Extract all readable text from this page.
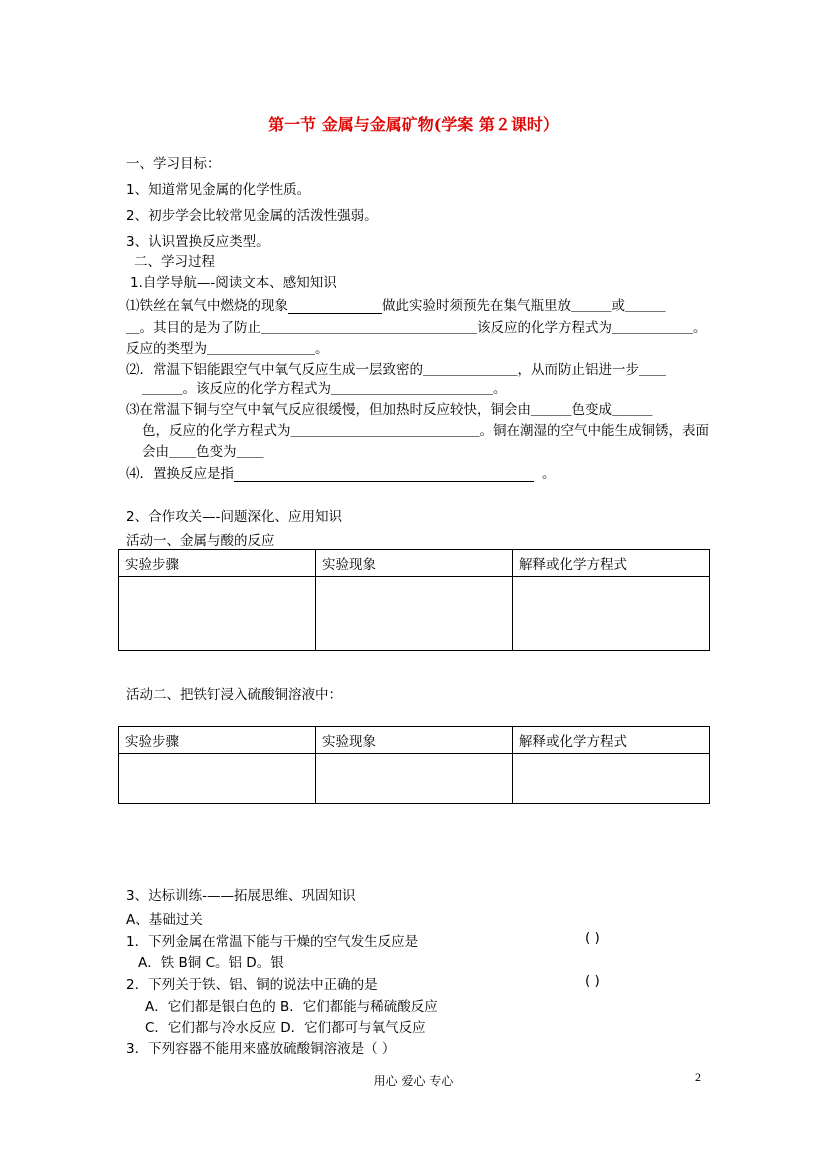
第一节 金属与金属矿物(学案 第２课时）
一、学习目标：
1、知道常见金属的化学性质。
2、初步学会比较常见金属的活泼性强弱。
3、认识置换反应类型。
二、学习过程
1.自学导航—-阅读文本、感知知识
⑴铁丝在氧气中燃烧的现象	做此实验时须预先在集气瓶里放＿＿＿或＿＿＿
＿。其目的是为了防止＿＿＿＿＿＿＿＿＿＿＿＿＿＿＿＿该反应的化学方程式为＿＿＿＿＿＿。
反应的类型为＿＿＿＿＿＿＿＿。
⑵．常温下铝能跟空气中氧气反应生成一层致密的＿＿＿＿＿＿＿，从而防止铝进一步＿＿
＿＿＿。该反应的化学方程式为＿＿＿＿＿＿＿＿＿＿＿＿。
⑶在常温下铜与空气中氧气反应很缓慢，但加热时反应较快，铜会由＿＿＿色变成＿＿＿
色，反应的化学方程式为＿＿＿＿＿＿＿＿＿＿＿＿＿＿。铜在潮湿的空气中能生成铜锈，表面
会由＿＿色变为＿＿
⑷．置换反应是指	。
2、合作攻关—-问题深化、应用知识
活动一、金属与酸的反应
实验步骤	实验现象	解释或化学方程式

活动二、把铁钉浸入硫酸铜溶液中：
实验步骤	实验现象	解释或化学方程式

3、达标训练-——拓展思维、巩固知识
A、基础过关
1．下列金属在常温下能与干燥的空气发生反应是	( )
A．铁 B铜 C。铝 D。银
2．下列关于铁、铝、铜的说法中正确的是	( )
A．它们都是银白色的 B．它们都能与稀硫酸反应
C．它们都与冷水反应 D．它们都可与氧气反应
3．下列容器不能用来盛放硫酸铜溶液是（ ）
用心 爱心 专心	2
